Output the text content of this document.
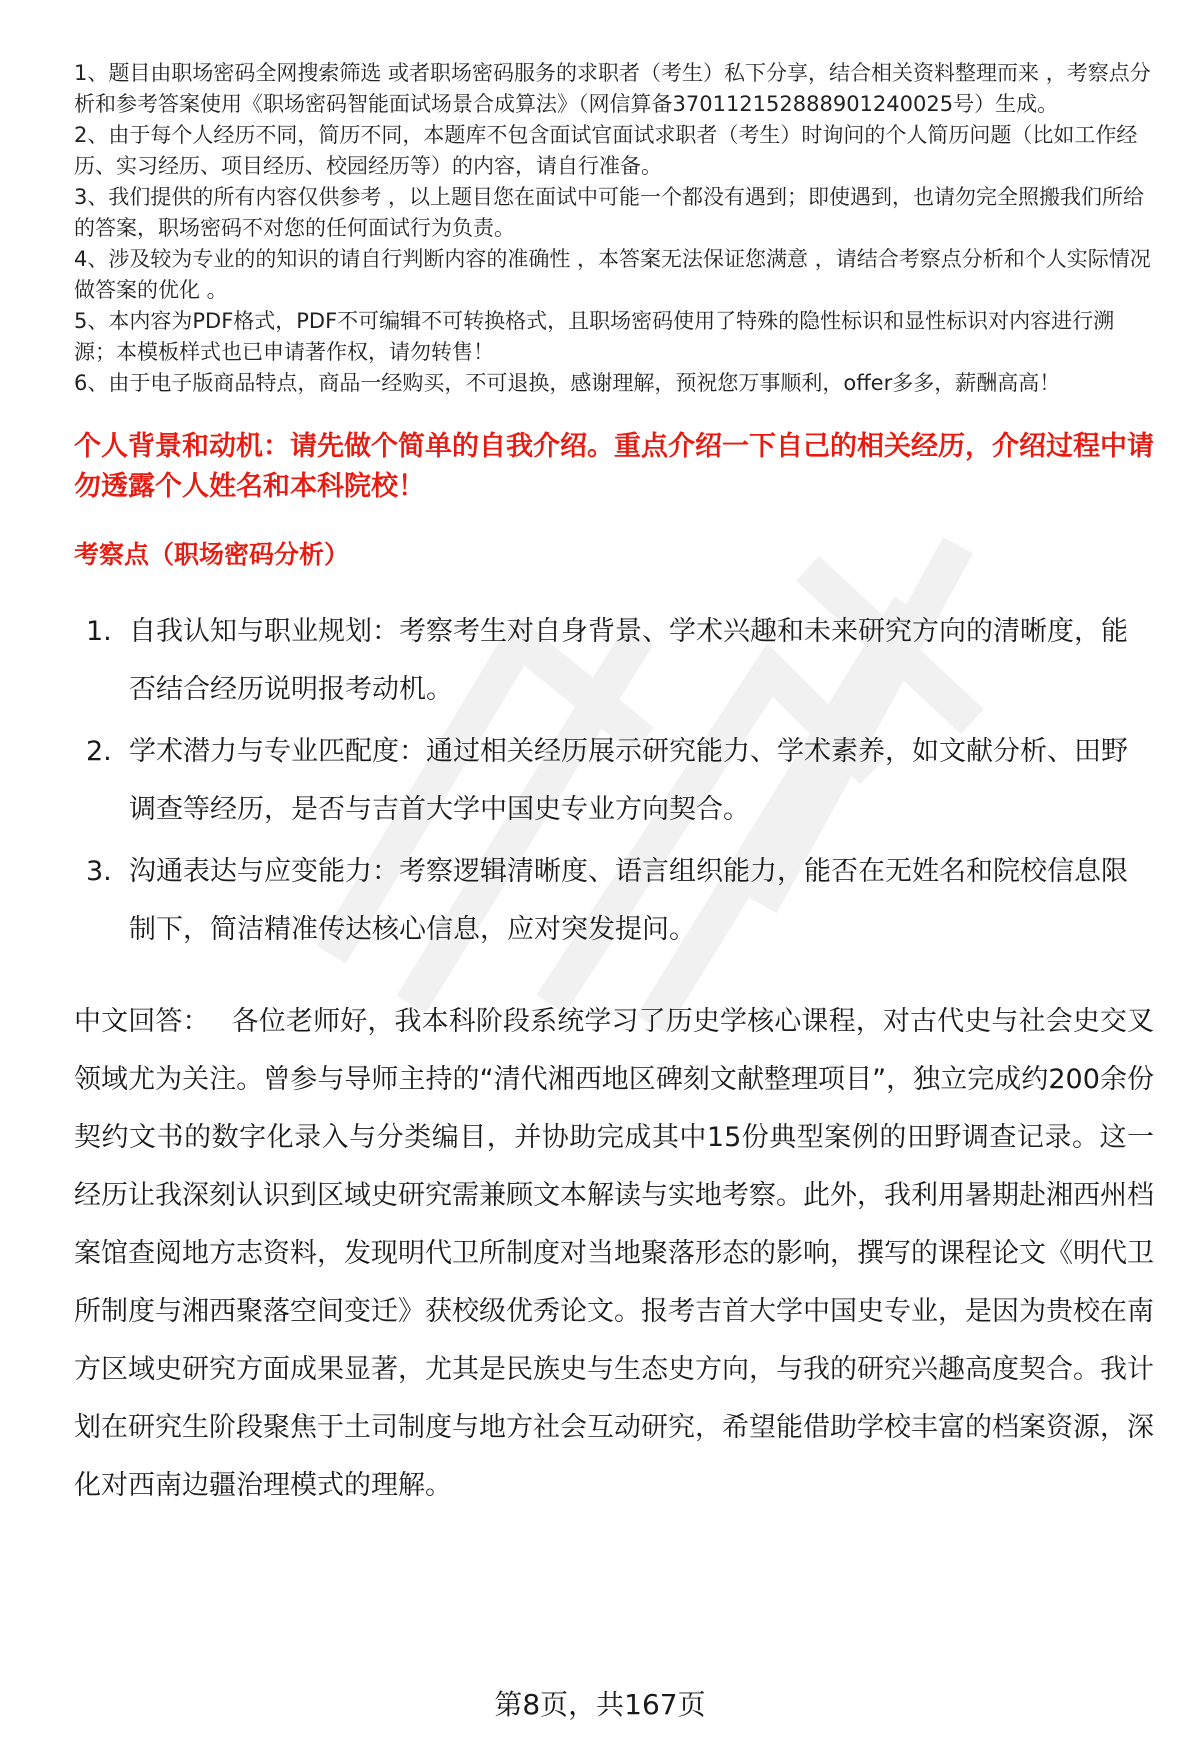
1、题目由职场密码全网搜索筛选 或者职场密码服务的求职者（考生）私下分享，结合相关资料整理而来 ，考察点分析和参考答案使用《职场密码智能面试场景合成算法》（网信算备370112152888901240025号）生成。
2、由于每个人经历不同，简历不同，本题库不包含面试官面试求职者（考生）时询问的个人简历问题（比如工作经历、实习经历、项目经历、校园经历等）的内容，请自行准备。
3、我们提供的所有内容仅供参考 ，以上题目您在面试中可能一个都没有遇到；即使遇到，也请勿完全照搬我们所给的答案，职场密码不对您的任何面试行为负责。
4、涉及较为专业的的知识的请自行判断内容的准确性 ，本答案无法保证您满意 ，请结合考察点分析和个人实际情况做答案的优化 。
5、本内容为PDF格式，PDF不可编辑不可转换格式，且职场密码使用了特殊的隐性标识和显性标识对内容进行溯源；本模板样式也已申请著作权，请勿转售！
6、由于电子版商品特点，商品一经购买，不可退换，感谢理解，预祝您万事顺利，offer多多，薪酬高高！
个人背景和动机：请先做个简单的自我介绍。重点介绍一下自己的相关经历，介绍过程中请勿透露个人姓名和本科院校！
考察点（职场密码分析）
1. 自我认知与职业规划：考察考生对自身背景、学术兴趣和未来研究方向的清晰度，能否结合经历说明报考动机。
2. 学术潜力与专业匹配度：通过相关经历展示研究能力、学术素养，如文献分析、田野调查等经历，是否与吉首大学中国史专业方向契合。
3. 沟通表达与应变能力：考察逻辑清晰度、语言组织能力，能否在无姓名和院校信息限制下，简洁精准传达核心信息，应对突发提问。

中文回答： 各位老师好，我本科阶段系统学习了历史学核心课程，对古代史与社会史交叉领域尤为关注。曾参与导师主持的“清代湘西地区碑刻文献整理项目”，独立完成约200余份契约文书的数字化录入与分类编目，并协助完成其中15份典型案例的田野调查记录。这一经历让我深刻认识到区域史研究需兼顾文本解读与实地考察。此外，我利用暑期赴湘西州档案馆查阅地方志资料，发现明代卫所制度对当地聚落形态的影响，撰写的课程论文《明代卫所制度与湘西聚落空间变迁》获校级优秀论文。报考吉首大学中国史专业，是因为贵校在南方区域史研究方面成果显著，尤其是民族史与生态史方向，与我的研究兴趣高度契合。我计划在研究生阶段聚焦于土司制度与地方社会互动研究，希望能借助学校丰富的档案资源，深化对西南边疆治理模式的理解。

第8页，共167页
